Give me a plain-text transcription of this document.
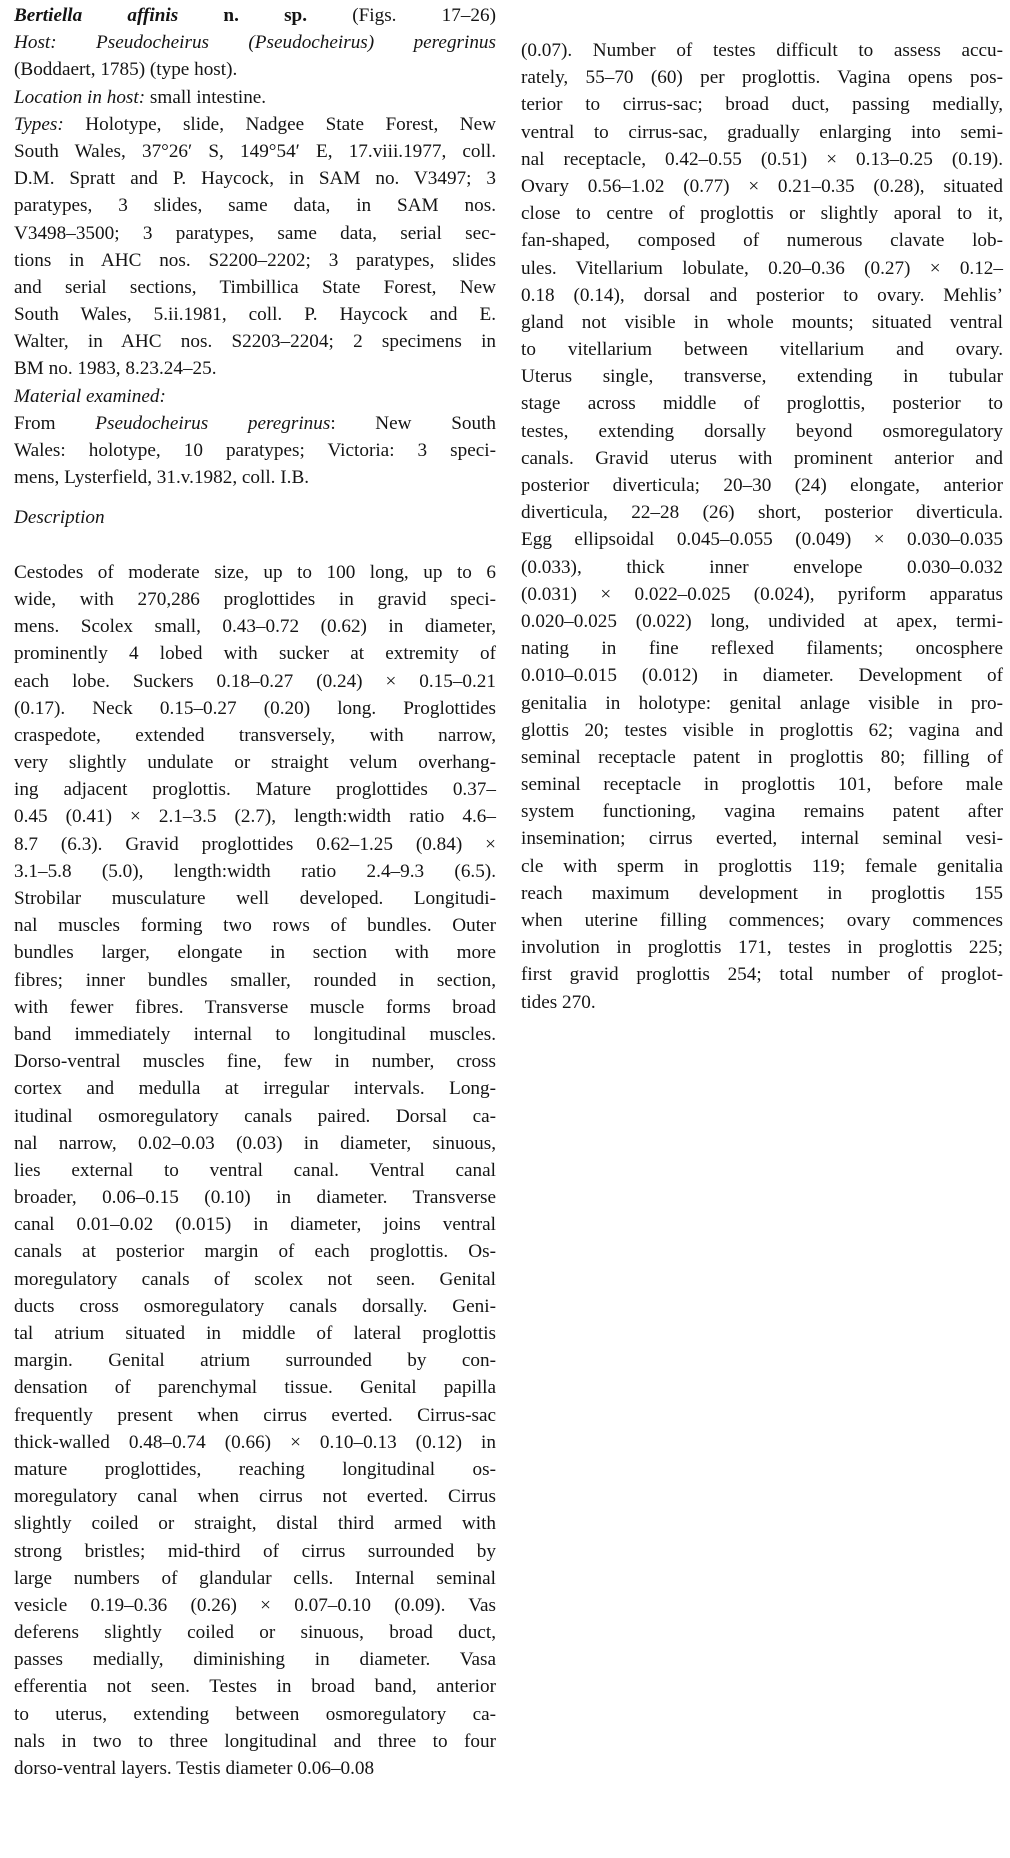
Bertiella affinis n. sp. (Figs. 17–26)
Host: Pseudocheirus (Pseudocheirus) peregrinus
(Boddaert, 1785) (type host).
Location in host: small intestine.
Types: Holotype, slide, Nadgee State Forest, New
South Wales, 37°26′ S, 149°54′ E, 17.viii.1977, coll.
D.M. Spratt and P. Haycock, in SAM no. V3497; 3
paratypes, 3 slides, same data, in SAM nos.
V3498–3500; 3 paratypes, same data, serial sec-
tions in AHC nos. S2200–2202; 3 paratypes, slides
and serial sections, Timbillica State Forest, New
South Wales, 5.ii.1981, coll. P. Haycock and E.
Walter, in AHC nos. S2203–2204; 2 specimens in
BM no. 1983, 8.23.24–25.
Material examined:
From Pseudocheirus peregrinus: New South
Wales: holotype, 10 paratypes; Victoria: 3 speci-
mens, Lysterfield, 31.v.1982, coll. I.B.
Description
Cestodes of moderate size, up to 100 long, up to 6
wide, with 270,286 proglottides in gravid speci-
mens. Scolex small, 0.43–0.72 (0.62) in diameter,
prominently 4 lobed with sucker at extremity of
each lobe. Suckers 0.18–0.27 (0.24) × 0.15–0.21
(0.17). Neck 0.15–0.27 (0.20) long. Proglottides
craspedote, extended transversely, with narrow,
very slightly undulate or straight velum overhang-
ing adjacent proglottis. Mature proglottides 0.37–
0.45 (0.41) × 2.1–3.5 (2.7), length:width ratio 4.6–
8.7 (6.3). Gravid proglottides 0.62–1.25 (0.84) ×
3.1–5.8 (5.0), length:width ratio 2.4–9.3 (6.5).
Strobilar musculature well developed. Longitudi-
nal muscles forming two rows of bundles. Outer
bundles larger, elongate in section with more
fibres; inner bundles smaller, rounded in section,
with fewer fibres. Transverse muscle forms broad
band immediately internal to longitudinal muscles.
Dorso-ventral muscles fine, few in number, cross
cortex and medulla at irregular intervals. Long-
itudinal osmoregulatory canals paired. Dorsal ca-
nal narrow, 0.02–0.03 (0.03) in diameter, sinuous,
lies external to ventral canal. Ventral canal
broader, 0.06–0.15 (0.10) in diameter. Transverse
canal 0.01–0.02 (0.015) in diameter, joins ventral
canals at posterior margin of each proglottis. Os-
moregulatory canals of scolex not seen. Genital
ducts cross osmoregulatory canals dorsally. Geni-
tal atrium situated in middle of lateral proglottis
margin. Genital atrium surrounded by con-
densation of parenchymal tissue. Genital papilla
frequently present when cirrus everted. Cirrus-sac
thick-walled 0.48–0.74 (0.66) × 0.10–0.13 (0.12) in
mature proglottides, reaching longitudinal os-
moregulatory canal when cirrus not everted. Cirrus
slightly coiled or straight, distal third armed with
strong bristles; mid-third of cirrus surrounded by
large numbers of glandular cells. Internal seminal
vesicle 0.19–0.36 (0.26) × 0.07–0.10 (0.09). Vas
deferens slightly coiled or sinuous, broad duct,
passes medially, diminishing in diameter. Vasa
efferentia not seen. Testes in broad band, anterior
to uterus, extending between osmoregulatory ca-
nals in two to three longitudinal and three to four
dorso-ventral layers. Testis diameter 0.06–0.08
(0.07). Number of testes difficult to assess accu-
rately, 55–70 (60) per proglottis. Vagina opens pos-
terior to cirrus-sac; broad duct, passing medially,
ventral to cirrus-sac, gradually enlarging into semi-
nal receptacle, 0.42–0.55 (0.51) × 0.13–0.25 (0.19).
Ovary 0.56–1.02 (0.77) × 0.21–0.35 (0.28), situated
close to centre of proglottis or slightly aporal to it,
fan-shaped, composed of numerous clavate lob-
ules. Vitellarium lobulate, 0.20–0.36 (0.27) × 0.12–
0.18 (0.14), dorsal and posterior to ovary. Mehlis’
gland not visible in whole mounts; situated ventral
to vitellarium between vitellarium and ovary.
Uterus single, transverse, extending in tubular
stage across middle of proglottis, posterior to
testes, extending dorsally beyond osmoregulatory
canals. Gravid uterus with prominent anterior and
posterior diverticula; 20–30 (24) elongate, anterior
diverticula, 22–28 (26) short, posterior diverticula.
Egg ellipsoidal 0.045–0.055 (0.049) × 0.030–0.035
(0.033), thick inner envelope 0.030–0.032
(0.031) × 0.022–0.025 (0.024), pyriform apparatus
0.020–0.025 (0.022) long, undivided at apex, termi-
nating in fine reflexed filaments; oncosphere
0.010–0.015 (0.012) in diameter. Development of
genitalia in holotype: genital anlage visible in pro-
glottis 20; testes visible in proglottis 62; vagina and
seminal receptacle patent in proglottis 80; filling of
seminal receptacle in proglottis 101, before male
system functioning, vagina remains patent after
insemination; cirrus everted, internal seminal vesi-
cle with sperm in proglottis 119; female genitalia
reach maximum development in proglottis 155
when uterine filling commences; ovary commences
involution in proglottis 171, testes in proglottis 225;
first gravid proglottis 254; total number of proglot-
tides 270.
